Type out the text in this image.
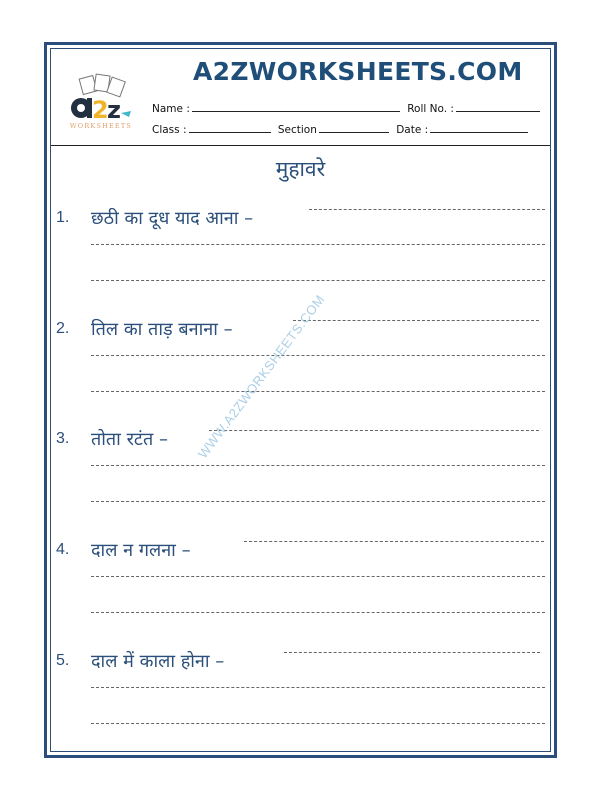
2
z
WORKSHEETS
A2ZWORKSHEETS.COM
Name :	Roll No. :
Class :	Section	Date :
मुहावरे
1. छठी का दूध याद आना –
2. तिल का ताड़ बनाना –
3. तोता रटंत –
4. दाल न गलना –
5. दाल में काला होना –
WWW.A2ZWORKSHEETS.COM
